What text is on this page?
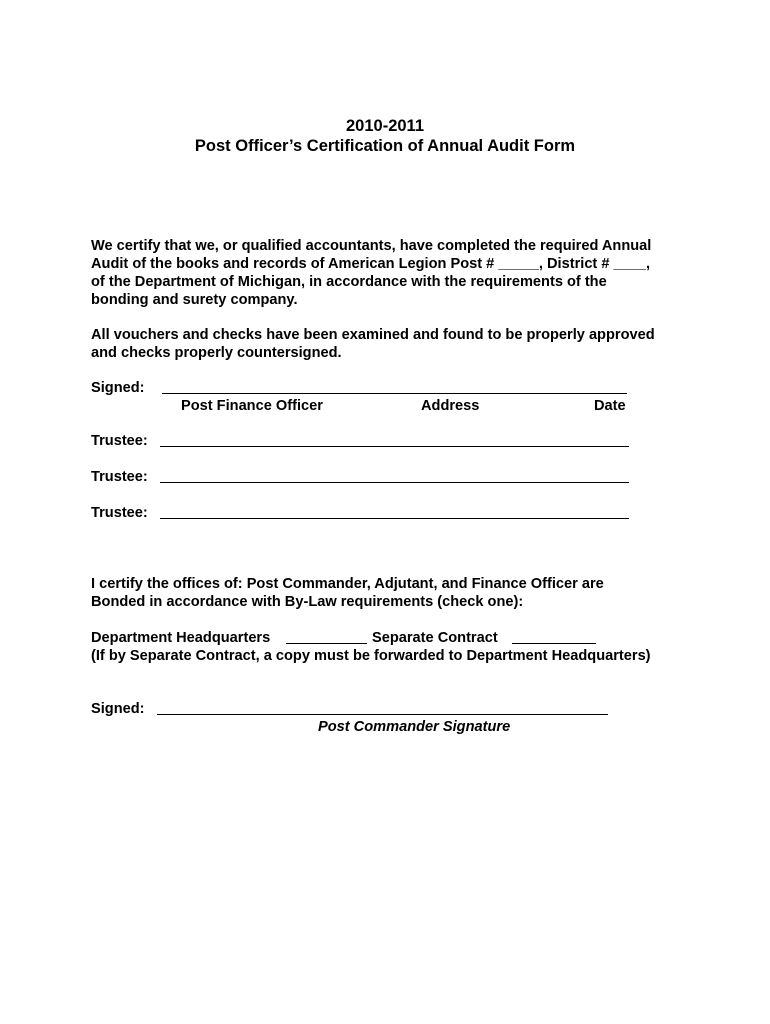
2010-2011
Post Officer’s Certification of Annual Audit Form
We certify that we, or qualified accountants, have completed the required Annual
Audit of the books and records of American Legion Post # _____, District # ____,
of the Department of Michigan, in accordance with the requirements of the
bonding and surety company.
All vouchers and checks have been examined and found to be properly approved
and checks properly countersigned.
Signed:
Post Finance Officer	Address	Date
Trustee:
Trustee:
Trustee:
I certify the offices of: Post Commander, Adjutant, and Finance Officer are
Bonded in accordance with By-Law requirements (check one):
Department Headquarters	Separate Contract
(If by Separate Contract, a copy must be forwarded to Department Headquarters)
Signed:
Post Commander Signature
